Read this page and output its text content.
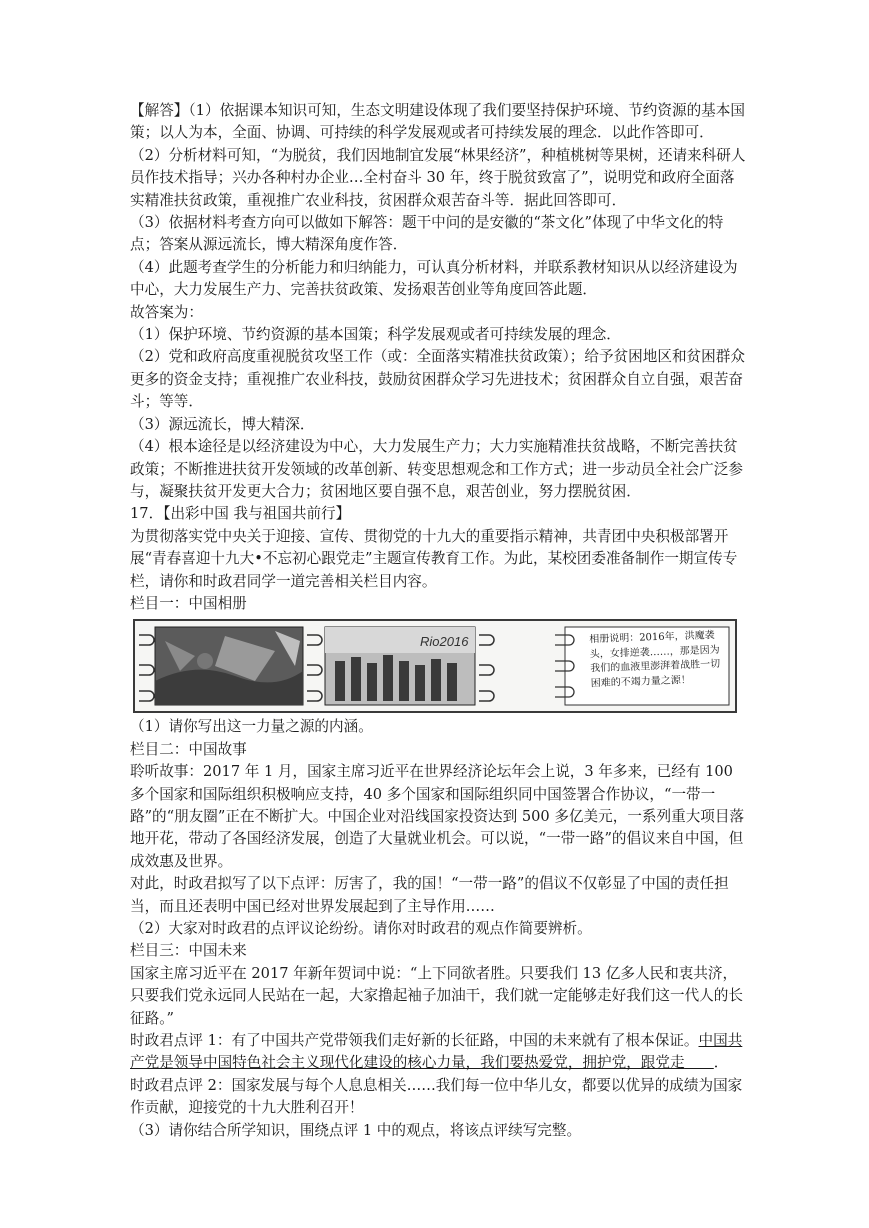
【解答】（1）依据课本知识可知，生态文明建设体现了我们要坚持保护环境、节约资源的基本国策；以人为本，全面、协调、可持续的科学发展观或者可持续发展的理念．以此作答即可．

（2）分析材料可知，“为脱贫，我们因地制宜发展“林果经济”，种植桃树等果树，还请来科研人员作技术指导；兴办各种村办企业…全村奋斗 30 年，终于脱贫致富了”，说明党和政府全面落实精准扶贫政策，重视推广农业科技，贫困群众艰苦奋斗等．据此回答即可．

（3）依据材料考查方向可以做如下解答：题干中问的是安徽的“茶文化”体现了中华文化的特点；答案从源远流长，博大精深角度作答．

（4）此题考查学生的分析能力和归纳能力，可认真分析材料，并联系教材知识从以经济建设为中心，大力发展生产力、完善扶贫政策、发扬艰苦创业等角度回答此题．

故答案为：

（1）保护环境、节约资源的基本国策；科学发展观或者可持续发展的理念．

（2）党和政府高度重视脱贫攻坚工作（或：全面落实精准扶贫政策）；给予贫困地区和贫困群众更多的资金支持；重视推广农业科技，鼓励贫困群众学习先进技术；贫困群众自立自强，艰苦奋斗；等等．

（3）源远流长，博大精深．

（4）根本途径是以经济建设为中心，大力发展生产力；大力实施精准扶贫战略，不断完善扶贫政策；不断推进扶贫开发领域的改革创新、转变思想观念和工作方式；进一步动员全社会广泛参与，凝聚扶贫开发更大合力；贫困地区要自强不息，艰苦创业，努力摆脱贫困．

17．【出彩中国 我与祖国共前行】

为贯彻落实党中央关于迎接、宣传、贯彻党的十九大的重要指示精神，共青团中央积极部署开展“青春喜迎十九大•不忘初心跟党走”主题宣传教育工作。为此，某校团委准备制作一期宣传专栏，请你和时政君同学一道完善相关栏目内容。

栏目一：中国相册

Rio2016	相册说明：2016年，洪魔袭头，女排逆袭……，那是因为我们的血液里澎湃着战胜一切困难的不竭力量之源！

（1）请你写出这一力量之源的内涵。

栏目二：中国故事

聆听故事：2017 年 1 月，国家主席习近平在世界经济论坛年会上说，3 年多来，已经有 100 多个国家和国际组织积极响应支持，40 多个国家和国际组织同中国签署合作协议，“一带一路”的“朋友圈”正在不断扩大。中国企业对沿线国家投资达到 500 多亿美元，一系列重大项目落地开花，带动了各国经济发展，创造了大量就业机会。可以说，“一带一路”的倡议来自中国，但成效惠及世界。

对此，时政君拟写了以下点评：厉害了，我的国！“一带一路”的倡议不仅彰显了中国的责任担当，而且还表明中国已经对世界发展起到了主导作用……

（2）大家对时政君的点评议论纷纷。请你对时政君的观点作简要辨析。

栏目三：中国未来

国家主席习近平在 2017 年新年贺词中说：“上下同欲者胜。只要我们 13 亿多人民和衷共济，只要我们党永远同人民站在一起，大家撸起袖子加油干，我们就一定能够走好我们这一代人的长征路。”

时政君点评 1：有了中国共产党带领我们走好新的长征路，中国的未来就有了根本保证。中国共产党是领导中国特色社会主义现代化建设的核心力量，我们要热爱党，拥护党，跟党走   ．

时政君点评 2：国家发展与每个人息息相关……我们每一位中华儿女，都要以优异的成绩为国家作贡献，迎接党的十九大胜利召开！

（3）请你结合所学知识，围绕点评 1 中的观点，将该点评续写完整。
